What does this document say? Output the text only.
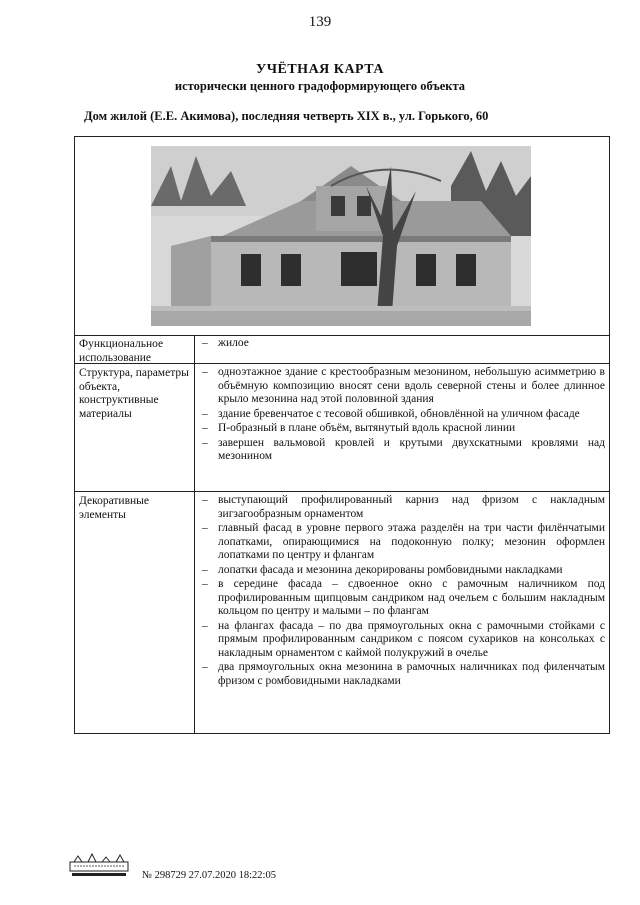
139
УЧЁТНАЯ КАРТА
исторически ценного градоформирующего объекта
Дом жилой (Е.Е. Акимова), последняя четверть XIX в., ул. Горького, 60
Функциональное использование
– жилое
Структура, параметры объекта, конструктивные материалы
– одноэтажное здание с крестообразным мезонином, небольшую асимметрию в объёмную композицию вносят сени вдоль северной стены и более длинное крыло мезонина над этой половиной здания
– здание бревенчатое с тесовой обшивкой, обновлённой на уличном фасаде
– П-образный в плане объём, вытянутый вдоль красной линии
– завершен вальмовой кровлей и крутыми двухскатными кровлями над мезонином
Декоративные элементы
– выступающий профилированный карниз над фризом с накладным зигзагообразным орнаментом
– главный фасад в уровне первого этажа разделён на три части филёнчатыми лопатками, опирающимися на подоконную полку; мезонин оформлен лопатками по центру и флангам
– лопатки фасада и мезонина декорированы ромбовидными накладками
– в середине фасада – сдвоенное окно с рамочным наличником под профилированным щипцовым сандриком над очельем с большим накладным кольцом по центру и малыми – по флангам
– на флангах фасада – по два прямоугольных окна с рамочными стойками с прямым профилированным сандриком с поясом сухариков на консольках с накладным орнаментом с каймой полукружий в очелье
– два прямоугольных окна мезонина в рамочных наличниках под филенчатым фризом с ромбовидными накладками
№ 298729 27.07.2020 18:22:05
